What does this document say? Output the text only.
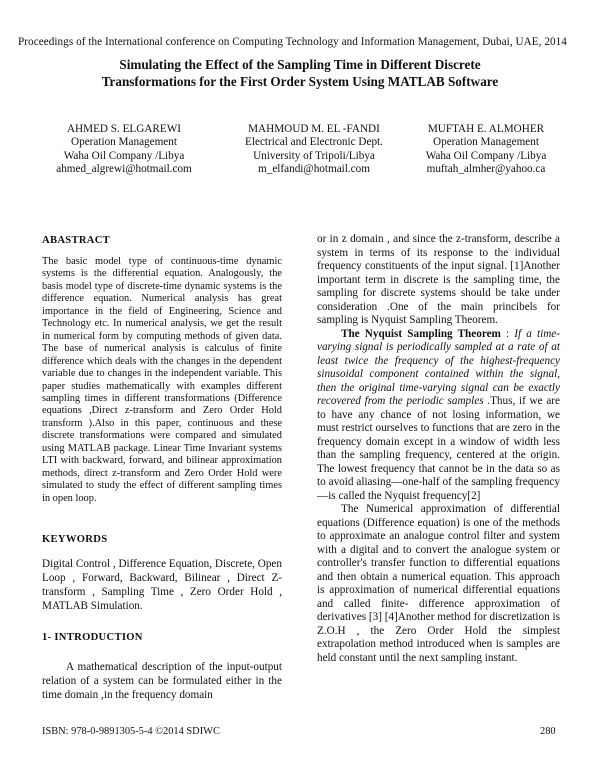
Proceedings of the International conference on Computing Technology and Information Management, Dubai, UAE, 2014
Simulating the Effect of the Sampling Time in Different Discrete
Transformations for the First Order System Using MATLAB Software
AHMED S. ELGAREWI
Operation Management
Waha Oil Company /Libya
ahmed_algrewi@hotmail.com
MAHMOUD M. EL -FANDI
Electrical and Electronic Dept.
University of Tripoli/Libya
m_elfandi@hotmail.com
MUFTAH E. ALMOHER
Operation Management
Waha Oil Company /Libya
muftah_almher@yahoo.ca
ABASTRACT

The basic model type of continuous-time dynamic systems is the differential equation. Analogously, the basis model type of discrete-time dynamic systems is the difference equation. Numerical analysis has great importance in the field of Engineering, Science and Technology etc. In numerical analysis, we get the result in numerical form by computing methods of given data. The base of numerical analysis is calculus of finite difference which deals with the changes in the dependent variable due to changes in the independent variable. This paper studies mathematically with examples different sampling times in different transformations (Difference equations ,Direct z-transform and Zero Order Hold transform ).Also in this paper, continuous and these discrete transformations were compared and simulated using MATLAB package. Linear Time Invariant systems LTI with backward, forward, and bilinear approximation methods, direct z-transform and Zero Order Hold were simulated to study the effect of different sampling times in open loop.

KEYWORDS

Digital Control , Difference Equation, Discrete, Open Loop , Forward, Backward, Bilinear , Direct Z-transform , Sampling Time , Zero Order Hold , MATLAB Simulation.

1- INTRODUCTION

A mathematical description of the input-output relation of a system can be formulated either in the time domain ,in the frequency domain

or in z domain , and since the z-transform, describe a system in terms of its response to the individual frequency constituents of the input signal. [1]Another important term in discrete is the sampling time, the sampling for discrete systems should be take under consideration .One of the main princibels for sampling is Nyquist Sampling Theorem.

The Nyquist Sampling Theorem : If a time-varying signal is periodically sampled at a rate of at least twice the frequency of the highest-frequency sinusoidal component contained within the signal, then the original time-varying signal can be exactly recovered from the periodic samples .Thus, if we are to have any chance of not losing information, we must restrict ourselves to functions that are zero in the frequency domain except in a window of width less than the sampling frequency, centered at the origin. The lowest frequency that cannot be in the data so as to avoid aliasing—one-half of the sampling frequency—is called the Nyquist frequency[2]

The Numerical approximation of differential equations (Difference equation) is one of the methods to approximate an analogue control filter and system with a digital and to convert the analogue system or controller's transfer function to differential equations and then obtain a numerical equation. This approach is approximation of numerical differential equations and called finite- difference approximation of derivatives [3] [4]Another method for discretization is Z.O.H , the Zero Order Hold the simplest extrapolation method introduced when is samples are held constant until the next sampling instant.

ISBN: 978-0-9891305-5-4 ©2014 SDIWC	280
